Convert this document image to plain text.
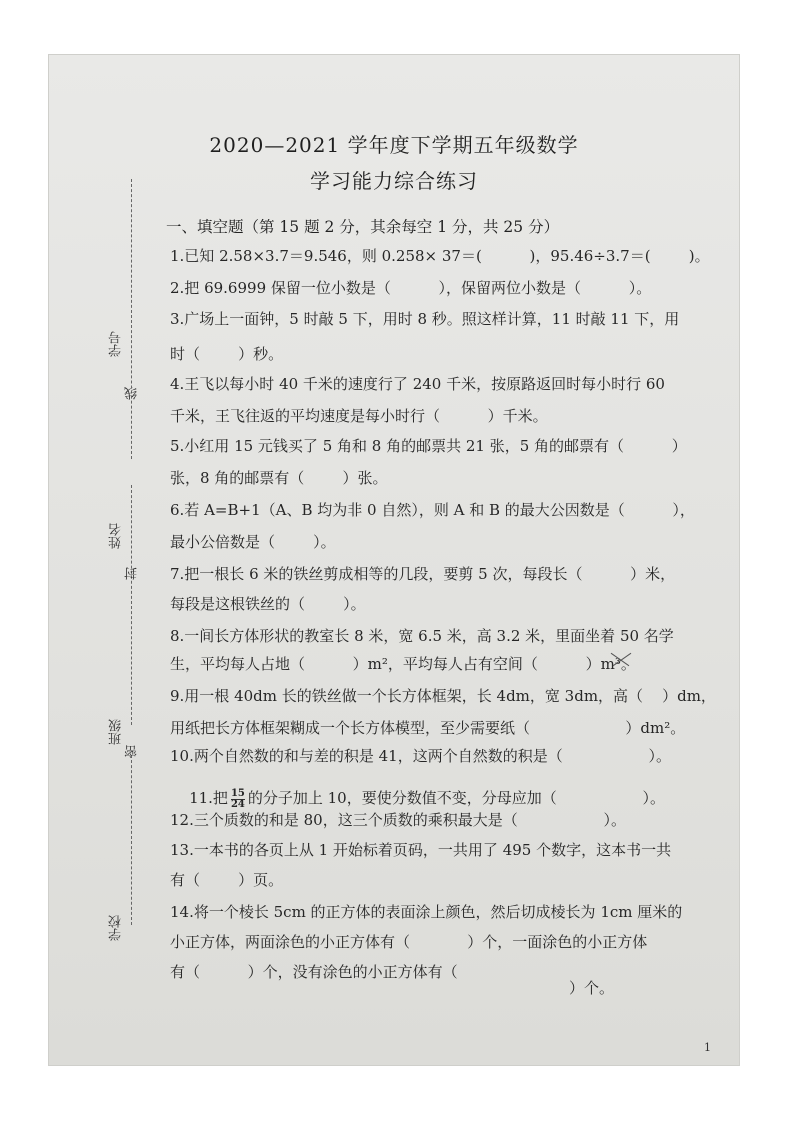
2020—2021 学年度下学期五年级数学
学习能力综合练习
学号
线
姓名
封
班级
密
学校
一、填空题（第 15 题 2 分，其余每空 1 分，共 25 分）
1.已知 2.58×3.7＝9.546，则 0.258× 37＝(          )，95.46÷3.7＝(        )。
2.把 69.6999 保留一位小数是（          ），保留两位小数是（          ）。
3.广场上一面钟，5 时敲 5 下，用时 8 秒。照这样计算，11 时敲 11 下，用
时（        ）秒。
4.王飞以每小时 40 千米的速度行了 240 千米，按原路返回时每小时行 60
千米，王飞往返的平均速度是每小时行（          ）千米。
5.小红用 15 元钱买了 5 角和 8 角的邮票共 21 张，5 角的邮票有（          ）
张，8 角的邮票有（        ）张。
6.若 A=B+1（A、B 均为非 0 自然），则 A 和 B 的最大公因数是（          ），
最小公倍数是（        ）。
7.把一根长 6 米的铁丝剪成相等的几段，要剪 5 次，每段长（          ）米，
每段是这根铁丝的（        ）。
8.一间长方体形状的教室长 8 米，宽 6.5 米，高 3.2 米，里面坐着 50 名学
生，平均每人占地（          ）m²，平均每人占有空间（          ）m³。
9.用一根 40dm 长的铁丝做一个长方体框架，长 4dm，宽 3dm，高（    ）dm，
用纸把长方体框架糊成一个长方体模型，至少需要纸（                    ）dm²。
10.两个自然数的和与差的积是 41，这两个自然数的积是（                  ）。

11.把 $\frac{15}{24}$ 的分子加上 10，要使分数值不变，分母应加（                  ）。

12.三个质数的和是 80，这三个质数的乘积最大是（                  ）。
13.一本书的各页上从 1 开始标着页码，一共用了 495 个数字，这本书一共
有（        ）页。
14.将一个棱长 5cm 的正方体的表面涂上颜色，然后切成棱长为 1cm 厘米的
小正方体，两面涂色的小正方体有（            ）个，一面涂色的小正方体
有（          ）个，没有涂色的小正方体有（
）个。
1
